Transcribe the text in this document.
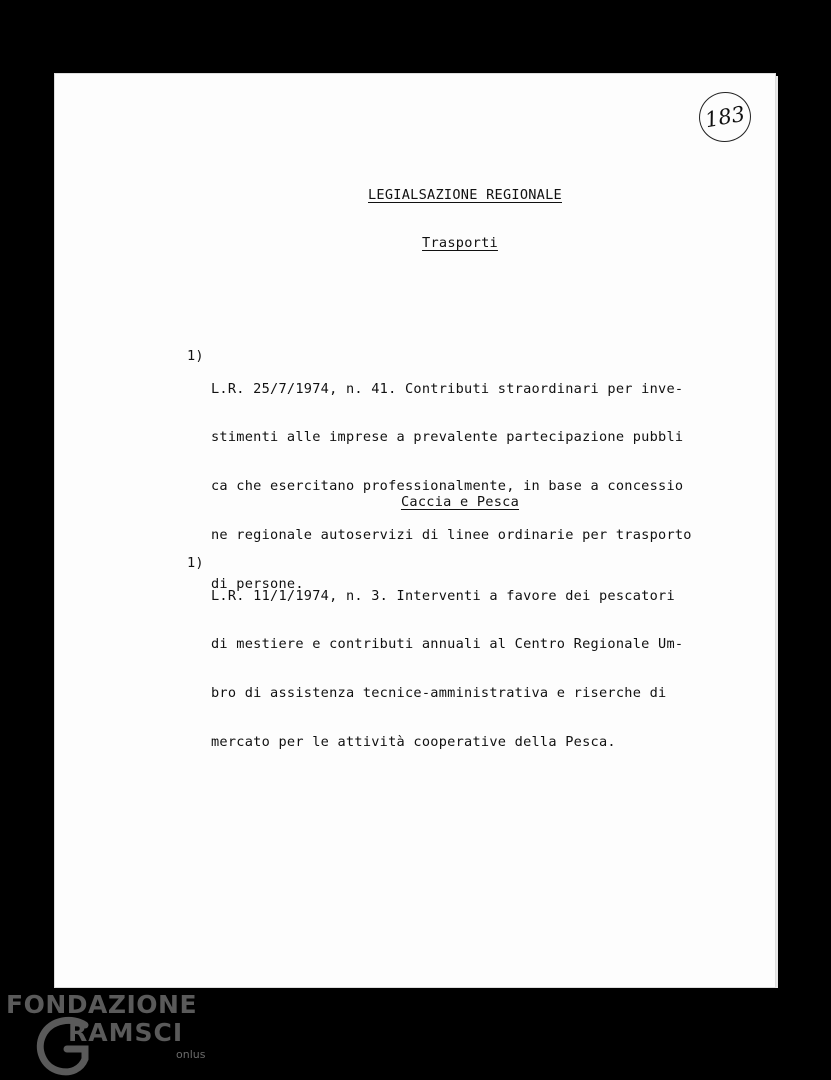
183
LEGIALSAZIONE REGIONALE
Trasporti
1)

L.R. 25/7/1974, n. 41. Contributi straordinari per inve-

stimenti alle imprese a prevalente partecipazione pubbli

ca che esercitano professionalmente, in base a concessio

ne regionale autoservizi di linee ordinarie per trasporto

di persone.

Caccia e Pesca
1)

L.R. 11/1/1974, n. 3. Interventi a favore dei pescatori

di mestiere e contributi annuali al Centro Regionale Um-

bro di assistenza tecnice-amministrativa e riserche di

mercato per le attività cooperative della Pesca.

FONDAZIONE
RAMSCI
onlus
